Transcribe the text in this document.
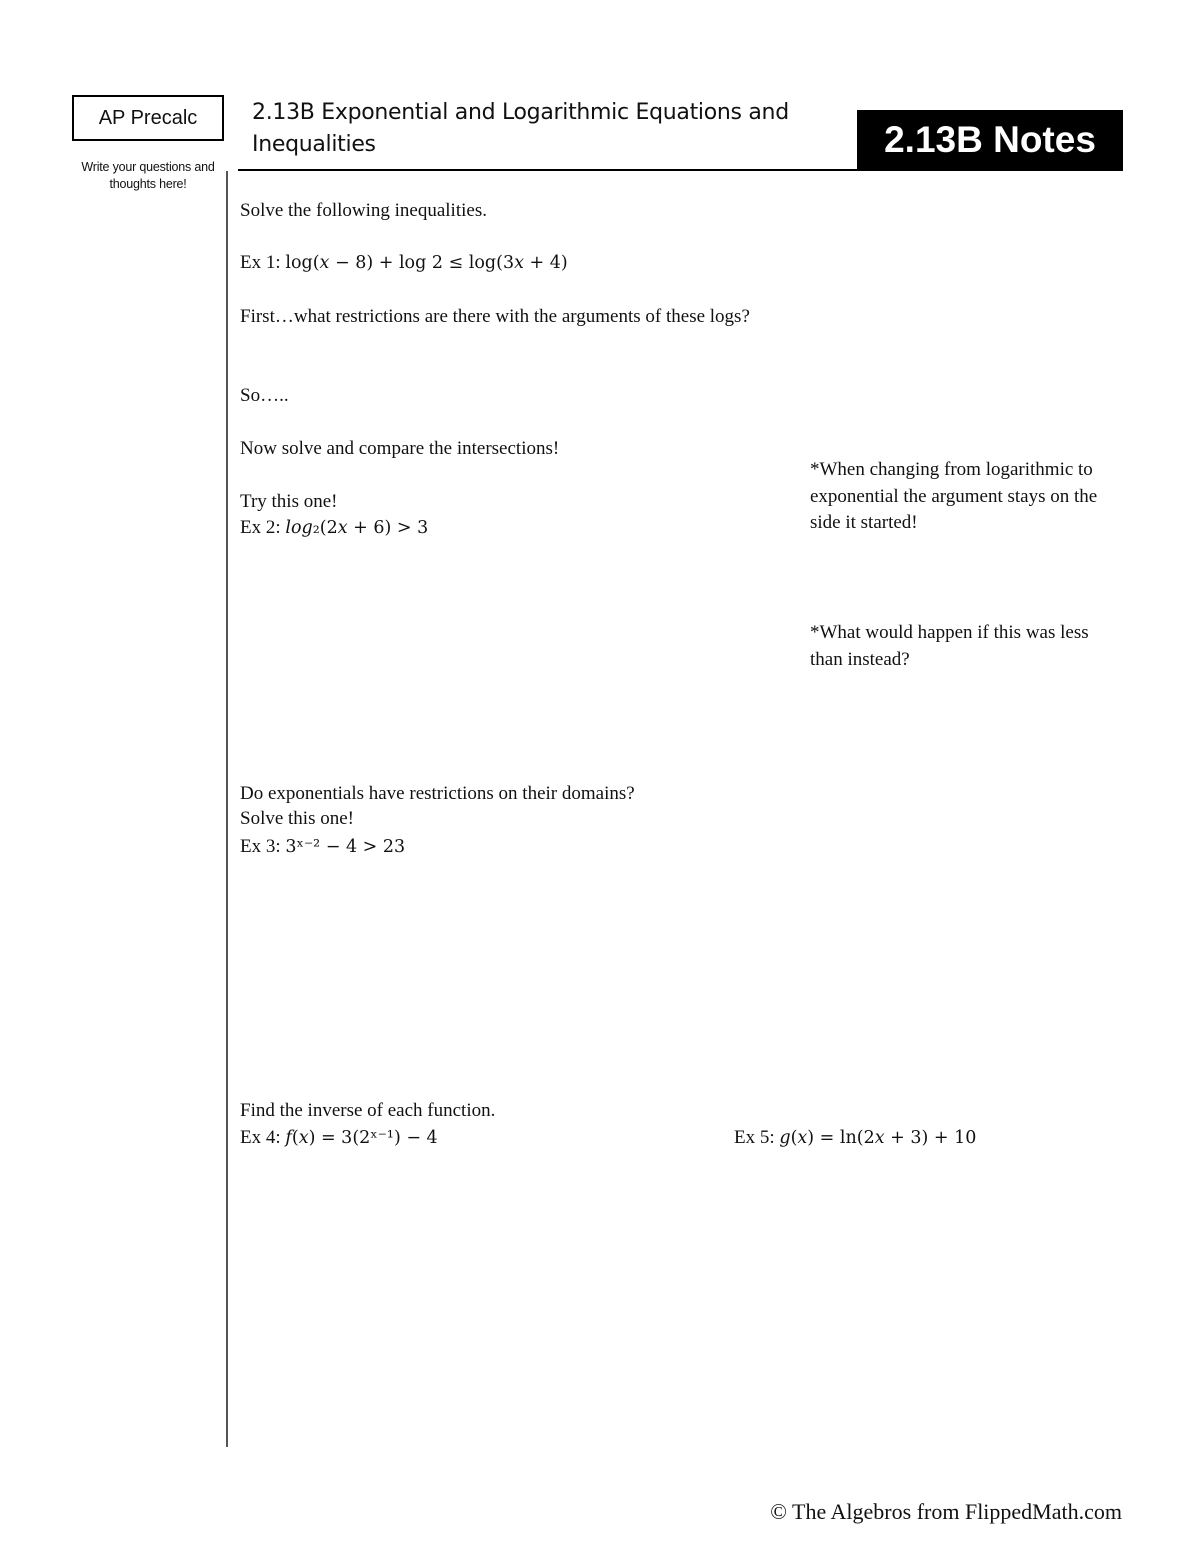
AP Precalc
Write your questions and thoughts here!
2.13B Exponential and Logarithmic Equations and Inequalities	2.13B Notes
Solve the following inequalities.
Ex 1: log(𝑥 − 8) + log 2 ≤ log(3𝑥 + 4)
First…what restrictions are there with the arguments of these logs?
So…..
Now solve and compare the intersections!
Try this one!
Ex 2: 𝑙𝑜𝑔₂(2𝑥 + 6) > 3
Do exponentials have restrictions on their domains?
Solve this one!
Ex 3: 3ˣ⁻² − 4 > 23
Find the inverse of each function.
Ex 4: 𝑓(𝑥) = 3(2ˣ⁻¹) − 4	Ex 5: 𝑔(𝑥) = ln(2𝑥 + 3) + 10
*When changing from logarithmic to exponential the argument stays on the side it started!
*What would happen if this was less than instead?
© The Algebros from FlippedMath.com
